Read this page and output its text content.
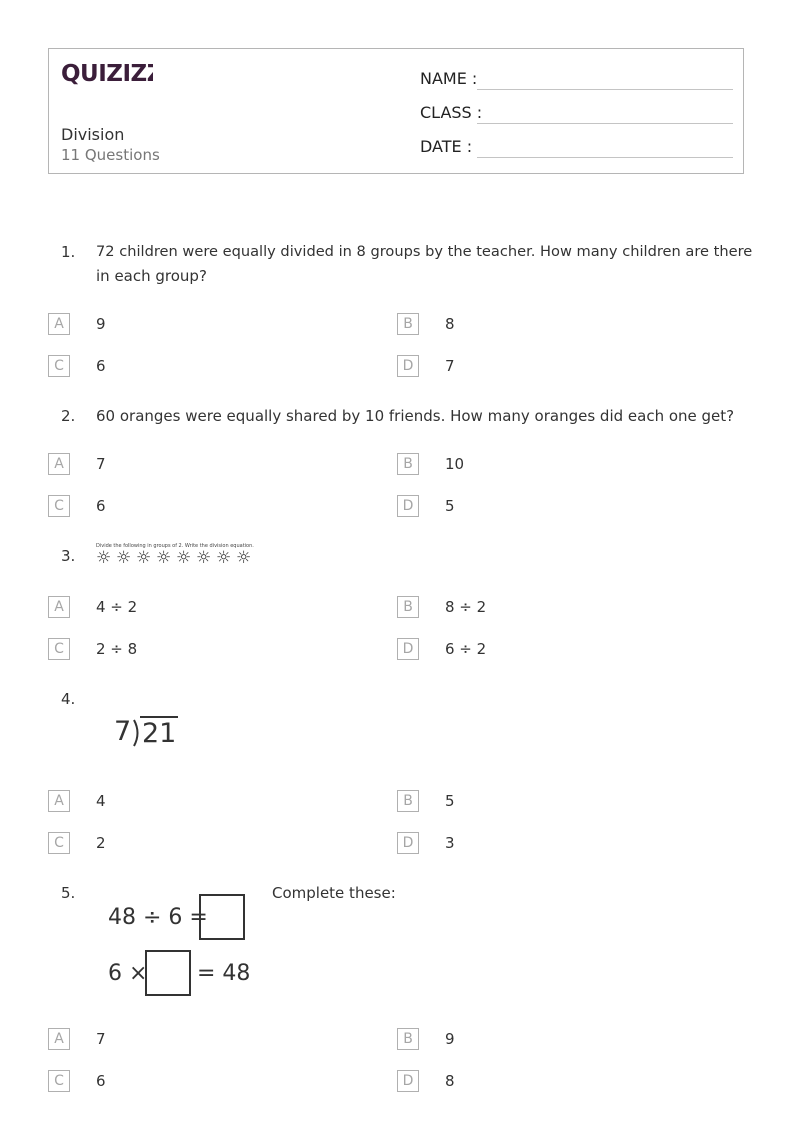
QUIZIZZ
Division
11 Questions
NAME :
CLASS :
DATE :
1. 72 children were equally divided in 8 groups by the teacher. How many children are there
in each group?
A	9	B	8
C	6	D	7
2. 60 oranges were equally shared by 10 friends. How many oranges did each one get?
A	7	B	10
C	6	D	5
3.
Divide the following in groups of 2. Write the division equation.
☼ ☼ ☼ ☼ ☼ ☼ ☼ ☼
A	4 ÷ 2	B	8 ÷ 2
C	2 ÷ 8	D	6 ÷ 2
4.
7 21
A	4	B	5
C	2	D	3
5.
48 ÷ 6 =
6 × = 48
Complete these:
A	7	B	9
C	6	D	8
